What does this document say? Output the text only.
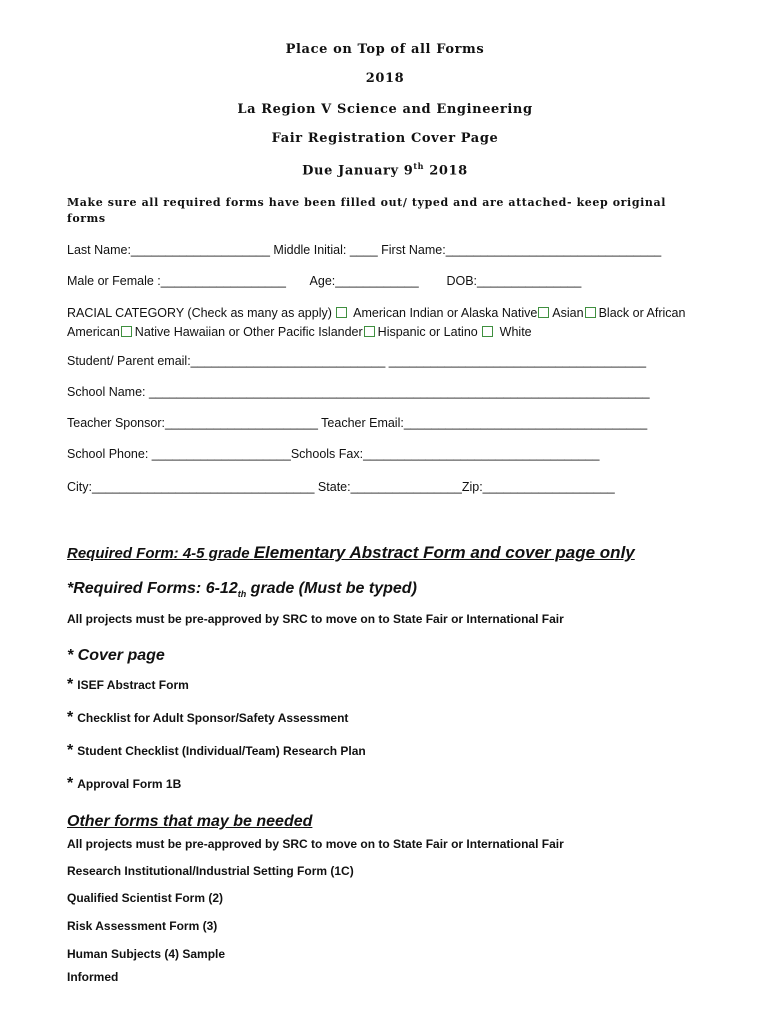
Place on Top of all Forms
2018
La Region V Science and Engineering
Fair Registration Cover Page
Due January 9th 2018
Make sure all required forms have been filled out/ typed and are attached- keep original forms
Last Name:____________________ Middle Initial: ____ First Name:_______________________________
Male or Female :__________________       Age:____________        DOB:_______________
RACIAL CATEGORY (Check as many as apply)  American Indian or Alaska Native Asian Black or African American Native Hawaiian or Other Pacific Islander Hispanic or Latino  White
Student/ Parent email:____________________________ _____________________________________
School Name: ________________________________________________________________________
Teacher Sponsor:______________________ Teacher Email:___________________________________
School Phone: ____________________Schools Fax:__________________________________
City:________________________________ State:________________Zip:___________________
Required Form: 4-5 grade Elementary Abstract Form and cover page only
*Required Forms: $6-12_{th}$ grade (Must be typed)
All projects must be pre-approved by SRC to move on to State Fair or International Fair
* Cover page
* ISEF Abstract Form
* Checklist for Adult Sponsor/Safety Assessment
* Student Checklist (Individual/Team) Research Plan
* Approval Form 1B
Other forms that may be needed
All projects must be pre-approved by SRC to move on to State Fair or International Fair
Research Institutional/Industrial Setting Form (1C)
Qualified Scientist Form (2)
Risk Assessment Form (3)
Human Subjects (4) Sample
Informed
